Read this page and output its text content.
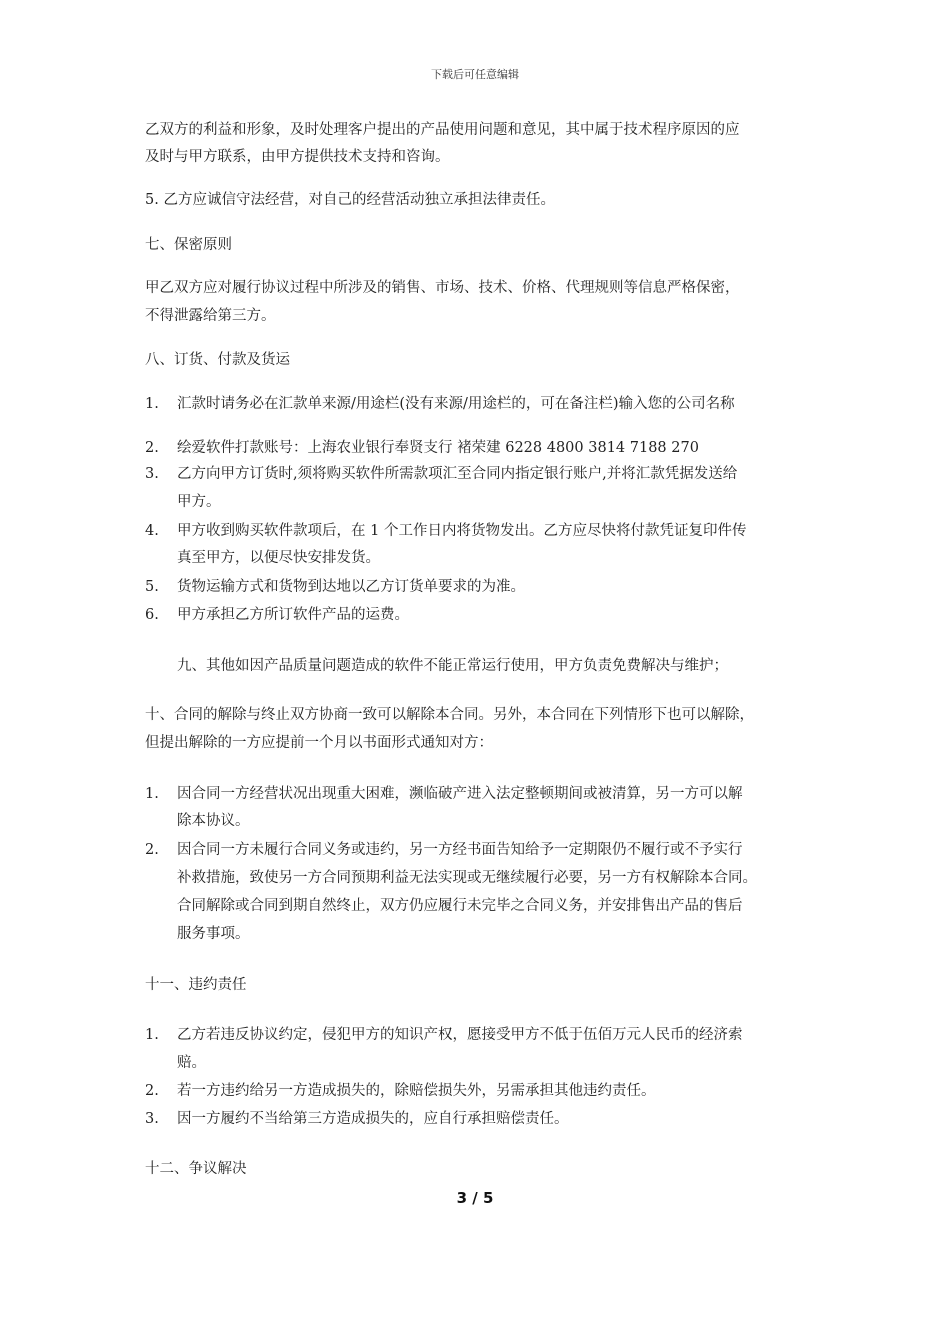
下载后可任意编辑
乙双方的利益和形象，及时处理客户提出的产品使用问题和意见，其中属于技术程序原因的应
及时与甲方联系，由甲方提供技术支持和咨询。
5. 乙方应诚信守法经营，对自己的经营活动独立承担法律责任。
七、保密原则
甲乙双方应对履行协议过程中所涉及的销售、市场、技术、价格、代理规则等信息严格保密，
不得泄露给第三方。
八、订货、付款及货运
1. 汇款时请务必在汇款单来源/用途栏(没有来源/用途栏的，可在备注栏)输入您的公司名称
2. 绘爱软件打款账号：上海农业银行奉贤支行 褚荣建 6228 4800 3814 7188 270
3. 乙方向甲方订货时,须将购买软件所需款项汇至合同内指定银行账户,并将汇款凭据发送给
甲方。
4. 甲方收到购买软件款项后，在 1 个工作日内将货物发出。乙方应尽快将付款凭证复印件传
真至甲方，以便尽快安排发货。
5. 货物运输方式和货物到达地以乙方订货单要求的为准。
6. 甲方承担乙方所订软件产品的运费。
九、其他如因产品质量问题造成的软件不能正常运行使用，甲方负责免费解决与维护；
十、合同的解除与终止双方协商一致可以解除本合同。另外，本合同在下列情形下也可以解除，
但提出解除的一方应提前一个月以书面形式通知对方：
1. 因合同一方经营状况出现重大困难，濒临破产进入法定整顿期间或被清算，另一方可以解
除本协议。
2. 因合同一方未履行合同义务或违约，另一方经书面告知给予一定期限仍不履行或不予实行
补救措施，致使另一方合同预期利益无法实现或无继续履行必要，另一方有权解除本合同。
合同解除或合同到期自然终止，双方仍应履行未完毕之合同义务，并安排售出产品的售后
服务事项。
十一、违约责任
1. 乙方若违反协议约定，侵犯甲方的知识产权，愿接受甲方不低于伍佰万元人民币的经济索
赔。
2. 若一方违约给另一方造成损失的，除赔偿损失外，另需承担其他违约责任。
3. 因一方履约不当给第三方造成损失的，应自行承担赔偿责任。
十二、争议解决
3 / 5
